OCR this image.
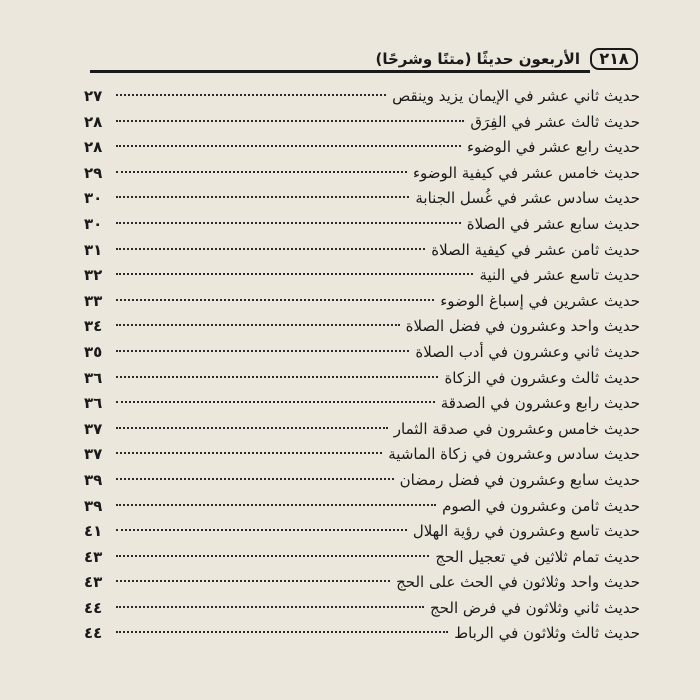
٢١٨
الأربعون حديثًا (متنًا وشرحًا)
حديث ثاني عشر في الإيمان يزيد وينقص
٢٧
حديث ثالث عشر في الفِرَق
٢٨
حديث رابع عشر في الوضوء
٢٨
حديث خامس عشر في كيفية الوضوء
٢٩
حديث سادس عشر في غُسل الجنابة
٣٠
حديث سابع عشر في الصلاة
٣٠
حديث ثامن عشر في كيفية الصلاة
٣١
حديث تاسع عشر في النية
٣٢
حديث عشرين في إسباغ الوضوء
٣٣
حديث واحد وعشرون في فضل الصلاة
٣٤
حديث ثاني وعشرون في أدب الصلاة
٣٥
حديث ثالث وعشرون في الزكاة
٣٦
حديث رابع وعشرون في الصدقة
٣٦
حديث خامس وعشرون في صدقة الثمار
٣٧
حديث سادس وعشرون في زكاة الماشية
٣٧
حديث سابع وعشرون في فضل رمضان
٣٩
حديث ثامن وعشرون في الصوم
٣٩
حديث تاسع وعشرون في رؤية الهلال
٤١
حديث تمام ثلاثين في تعجيل الحج
٤٣
حديث واحد وثلاثون في الحث على الحج
٤٣
حديث ثاني وثلاثون في فرض الحج
٤٤
حديث ثالث وثلاثون في الرباط
٤٤
